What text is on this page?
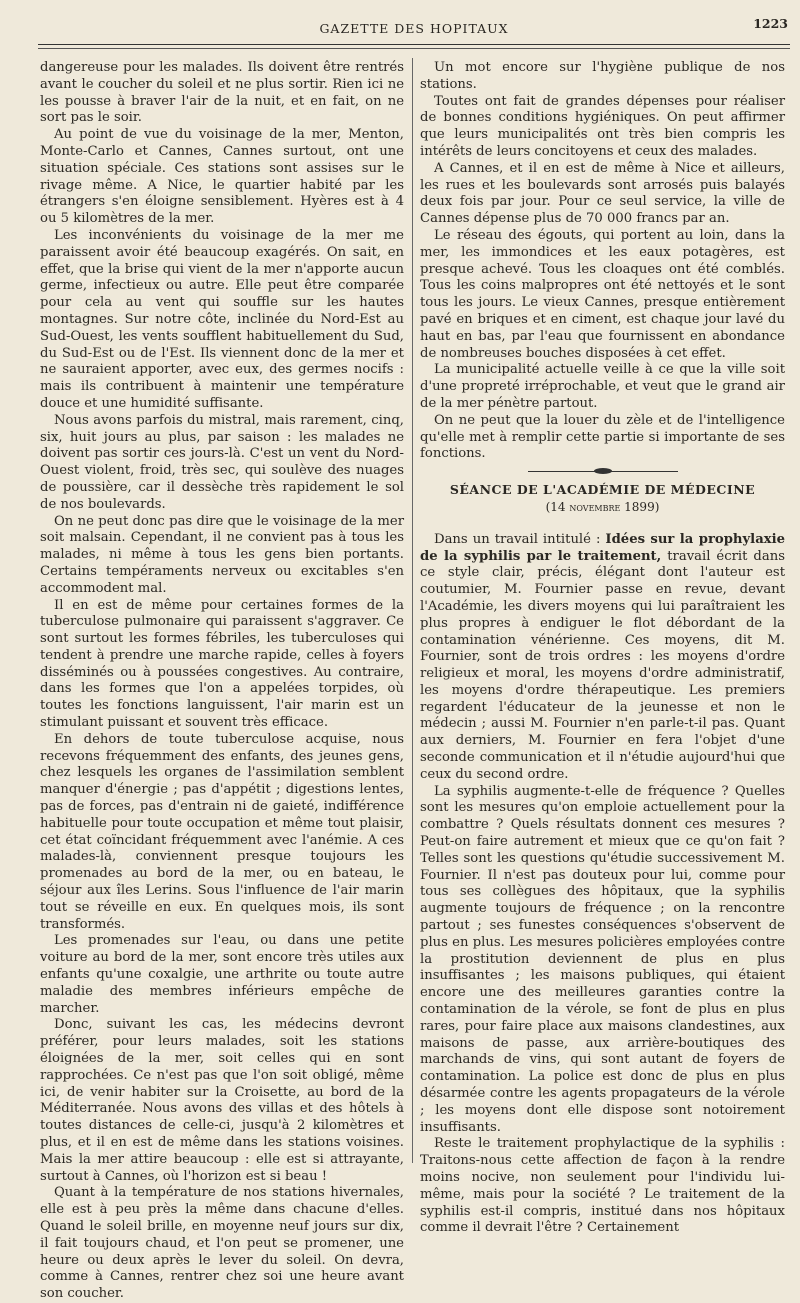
GAZETTE DES HOPITAUX	1223

dangereuse pour les malades. Ils doivent être rentrés avant le coucher du soleil et ne plus sortir. Rien ici ne les pousse à braver l'air de la nuit, et en fait, on ne sort pas le soir.

Au point de vue du voisinage de la mer, Menton, Monte-Carlo et Cannes, Cannes surtout, ont une situation spéciale. Ces stations sont assises sur le rivage même. A Nice, le quartier habité par les étrangers s'en éloigne sensiblement. Hyères est à 4 ou 5 kilomètres de la mer.

Les inconvénients du voisinage de la mer me paraissent avoir été beaucoup exagérés. On sait, en effet, que la brise qui vient de la mer n'apporte aucun germe, infectieux ou autre. Elle peut être comparée pour cela au vent qui souffle sur les hautes montagnes. Sur notre côte, inclinée du Nord-Est au Sud-Ouest, les vents soufflent habituellement du Sud, du Sud-Est ou de l'Est. Ils viennent donc de la mer et ne sauraient apporter, avec eux, des germes nocifs : mais ils contribuent à maintenir une température douce et une humidité suffisante.

Nous avons parfois du mistral, mais rarement, cinq, six, huit jours au plus, par saison : les malades ne doivent pas sortir ces jours-là. C'est un vent du Nord-Ouest violent, froid, très sec, qui soulève des nuages de poussière, car il dessèche très rapidement le sol de nos boulevards.

On ne peut donc pas dire que le voisinage de la mer soit malsain. Cependant, il ne convient pas à tous les malades, ni même à tous les gens bien portants. Certains tempéraments nerveux ou excitables s'en accommodent mal.

Il en est de même pour certaines formes de la tuberculose pulmonaire qui paraissent s'aggraver. Ce sont surtout les formes fébriles, les tuberculoses qui tendent à prendre une marche rapide, celles à foyers disséminés ou à poussées congestives. Au contraire, dans les formes que l'on a appelées torpides, où toutes les fonctions languissent, l'air marin est un stimulant puissant et souvent très efficace.

En dehors de toute tuberculose acquise, nous recevons fréquemment des enfants, des jeunes gens, chez lesquels les organes de l'assimilation semblent manquer d'énergie ; pas d'appétit ; digestions lentes, pas de forces, pas d'entrain ni de gaieté, indifférence habituelle pour toute occupation et même tout plaisir, cet état coïncidant fréquemment avec l'anémie. A ces malades-là, conviennent presque toujours les promenades au bord de la mer, ou en bateau, le séjour aux îles Lerins. Sous l'influence de l'air marin tout se réveille en eux. En quelques mois, ils sont transformés.

Les promenades sur l'eau, ou dans une petite voiture au bord de la mer, sont encore très utiles aux enfants qu'une coxalgie, une arthrite ou toute autre maladie des membres inférieurs empêche de marcher.

Donc, suivant les cas, les médecins devront préférer, pour leurs malades, soit les stations éloignées de la mer, soit celles qui en sont rapprochées. Ce n'est pas que l'on soit obligé, même ici, de venir habiter sur la Croisette, au bord de la Méditerranée. Nous avons des villas et des hôtels à toutes distances de celle-ci, jusqu'à 2 kilomètres et plus, et il en est de même dans les stations voisines. Mais la mer attire beaucoup : elle est si attrayante, surtout à Cannes, où l'horizon est si beau !

Quant à la température de nos stations hivernales, elle est à peu près la même dans chacune d'elles. Quand le soleil brille, en moyenne neuf jours sur dix, il fait toujours chaud, et l'on peut se promener, une heure ou deux après le lever du soleil. On devra, comme à Cannes, rentrer chez soi une heure avant son coucher.

Un mot encore sur l'hygiène publique de nos stations.

Toutes ont fait de grandes dépenses pour réaliser de bonnes conditions hygiéniques. On peut affirmer que leurs municipalités ont très bien compris les intérêts de leurs concitoyens et ceux des malades.

A Cannes, et il en est de même à Nice et ailleurs, les rues et les boulevards sont arrosés puis balayés deux fois par jour. Pour ce seul service, la ville de Cannes dépense plus de 70 000 francs par an.

Le réseau des égouts, qui portent au loin, dans la mer, les immondices et les eaux potagères, est presque achevé. Tous les cloaques ont été comblés. Tous les coins malpropres ont été nettoyés et le sont tous les jours. Le vieux Cannes, presque entièrement pavé en briques et en ciment, est chaque jour lavé du haut en bas, par l'eau que fournissent en abondance de nombreuses bouches disposées à cet effet.

La municipalité actuelle veille à ce que la ville soit d'une propreté irréprochable, et veut que le grand air de la mer pénètre partout.

On ne peut que la louer du zèle et de l'intelligence qu'elle met à remplir cette partie si importante de ses fonctions.

SÉANCE DE L'ACADÉMIE DE MÉDECINE
(14 novembre 1899)

Dans un travail intitulé : Idées sur la prophylaxie de la syphilis par le traitement, travail écrit dans ce style clair, précis, élégant dont l'auteur est coutumier, M. Fournier passe en revue, devant l'Académie, les divers moyens qui lui paraîtraient les plus propres à endiguer le flot débordant de la contamination vénérienne. Ces moyens, dit M. Fournier, sont de trois ordres : les moyens d'ordre religieux et moral, les moyens d'ordre administratif, les moyens d'ordre thérapeutique. Les premiers regardent l'éducateur de la jeunesse et non le médecin ; aussi M. Fournier n'en parle-t-il pas. Quant aux derniers, M. Fournier en fera l'objet d'une seconde communication et il n'étudie aujourd'hui que ceux du second ordre.

La syphilis augmente-t-elle de fréquence ? Quelles sont les mesures qu'on emploie actuellement pour la combattre ? Quels résultats donnent ces mesures ? Peut-on faire autrement et mieux que ce qu'on fait ? Telles sont les questions qu'étudie successivement M. Fournier. Il n'est pas douteux pour lui, comme pour tous ses collègues des hôpitaux, que la syphilis augmente toujours de fréquence ; on la rencontre partout ; ses funestes conséquences s'observent de plus en plus. Les mesures policières employées contre la prostitution deviennent de plus en plus insuffisantes ; les maisons publiques, qui étaient encore une des meilleures garanties contre la contamination de la vérole, se font de plus en plus rares, pour faire place aux maisons clandestines, aux maisons de passe, aux arrière-boutiques des marchands de vins, qui sont autant de foyers de contamination. La police est donc de plus en plus désarmée contre les agents propagateurs de la vérole ; les moyens dont elle dispose sont notoirement insuffisants.

Reste le traitement prophylactique de la syphilis : Traitons-nous cette affection de façon à la rendre moins nocive, non seulement pour l'individu lui-même, mais pour la société ? Le traitement de la syphilis est-il compris, institué dans nos hôpitaux comme il devrait l'être ? Certainement
